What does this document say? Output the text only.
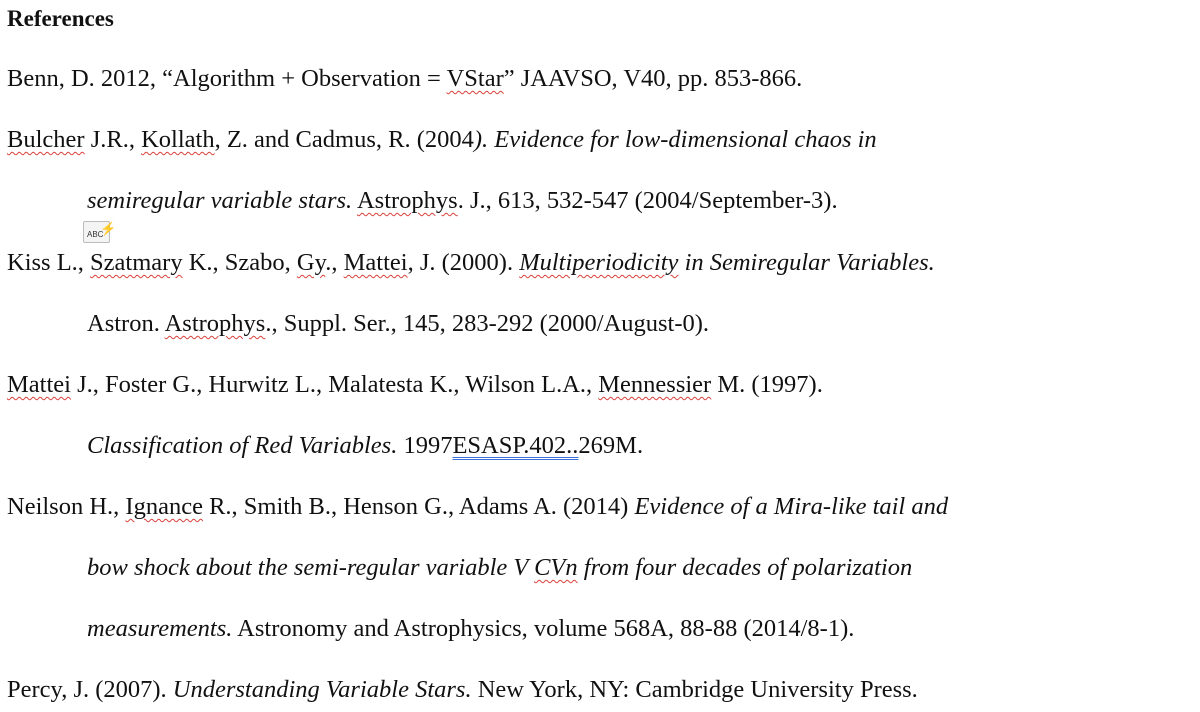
References
Benn, D. 2012, “Algorithm + Observation = VStar” JAAVSO, V40, pp. 853-866.
Bulcher J.R., Kollath, Z. and Cadmus, R. (2004). Evidence for low-dimensional chaos in
semiregular variable stars. Astrophys. J., 613, 532-547 (2004/September-3).
ABC
⚡
Kiss L., Szatmary K., Szabo, Gy., Mattei, J. (2000). Multiperiodicity in Semiregular Variables.
Astron. Astrophys., Suppl. Ser., 145, 283-292 (2000/August-0).
Mattei J., Foster G., Hurwitz L., Malatesta K., Wilson L.A., Mennessier M. (1997).
Classification of Red Variables. 1997ESASP.402..269M.
Neilson H., Ignance R., Smith B., Henson G., Adams A. (2014) Evidence of a Mira-like tail and
bow shock about the semi-regular variable V CVn from four decades of polarization
measurements. Astronomy and Astrophysics, volume 568A, 88-88 (2014/8-1).
Percy, J. (2007). Understanding Variable Stars. New York, NY: Cambridge University Press.
